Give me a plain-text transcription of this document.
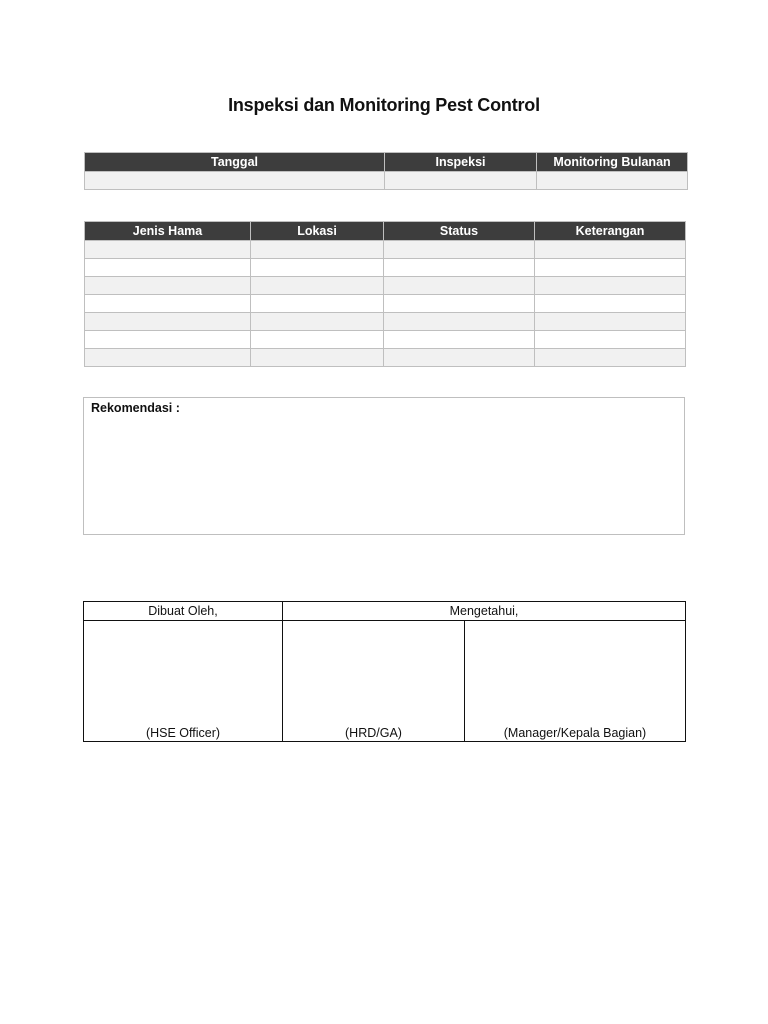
Inspeksi dan Monitoring Pest Control
Tanggal	Inspeksi	Monitoring Bulanan

Jenis Hama	Lokasi	Status	Keterangan

Rekomendasi :
Dibuat Oleh,	Mengetahui,	

(HSE Officer)	(HRD/GA)	(Manager/Kepala Bagian)
